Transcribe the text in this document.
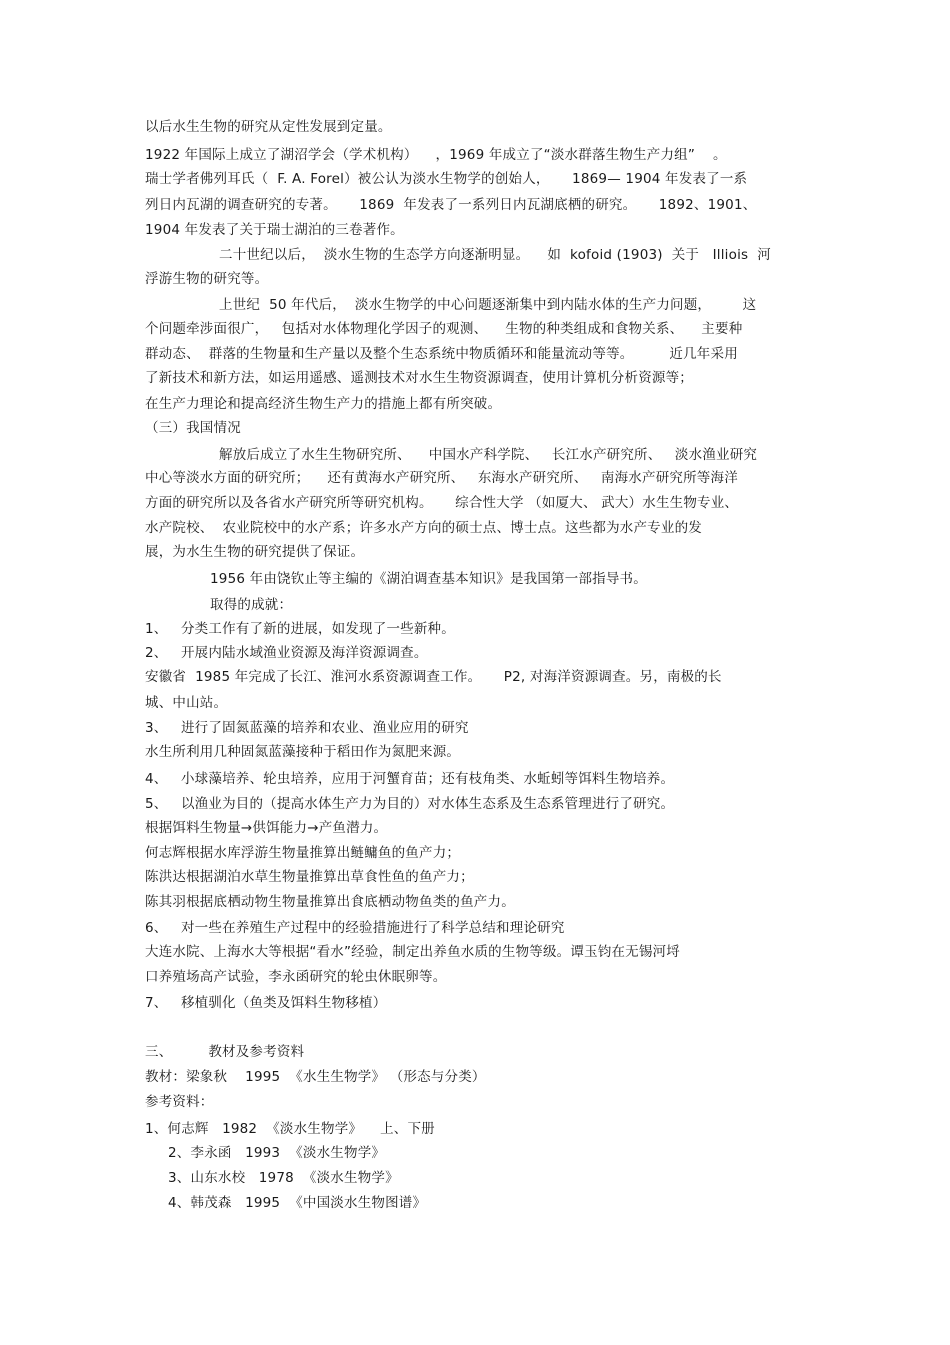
以后水生生物的研究从定性发展到定量。
1922 年国际上成立了湖沼学会（学术机构）    ，1969 年成立了“淡水群落生物生产力组”    。
瑞士学者佛列耳氏（  F. A. Forel）被公认为淡水生物学的创始人，     1869— 1904 年发表了一系
列日内瓦湖的调查研究的专著。     1869  年发表了一系列日内瓦湖底栖的研究。     1892、1901、
1904 年发表了关于瑞士湖泊的三卷著作。
二十世纪以后，  淡水生物的生态学方向逐渐明显。    如  kofoid (1903)  关于   Illiois  河
浮游生物的研究等。
上世纪  50 年代后，  淡水生物学的中心问题逐渐集中到内陆水体的生产力问题，       这
个问题牵涉面很广，   包括对水体物理化学因子的观测、    生物的种类组成和食物关系、    主要种
群动态、  群落的生物量和生产量以及整个生态系统中物质循环和能量流动等等。        近几年采用
了新技术和新方法，如运用遥感、遥测技术对水生生物资源调查，使用计算机分析资源等；
在生产力理论和提高经济生物生产力的措施上都有所突破。
（三）我国情况
解放后成立了水生生物研究所、    中国水产科学院、   长江水产研究所、   淡水渔业研究
中心等淡水方面的研究所；    还有黄海水产研究所、   东海水产研究所、   南海水产研究所等海洋
方面的研究所以及各省水产研究所等研究机构。     综合性大学 （如厦大、 武大）水生生物专业、
水产院校、  农业院校中的水产系；许多水产方向的硕士点、博士点。这些都为水产专业的发
展，为水生生物的研究提供了保证。
1956 年由饶钦止等主编的《湖泊调查基本知识》是我国第一部指导书。
取得的成就：
1、   分类工作有了新的进展，如发现了一些新种。
2、   开展内陆水域渔业资源及海洋资源调查。
安徽省  1985 年完成了长江、淮河水系资源调查工作。     P2, 对海洋资源调查。另，南极的长
城、中山站。
3、   进行了固氮蓝藻的培养和农业、渔业应用的研究
水生所利用几种固氮蓝藻接种于稻田作为氮肥来源。
4、   小球藻培养、轮虫培养，应用于河蟹育苗；还有枝角类、水蚯蚓等饵料生物培养。
5、   以渔业为目的（提高水体生产力为目的）对水体生态系及生态系管理进行了研究。
根据饵料生物量→供饵能力→产鱼潜力。
何志辉根据水库浮游生物量推算出鲢鳙鱼的鱼产力；
陈洪达根据湖泊水草生物量推算出草食性鱼的鱼产力；
陈其羽根据底栖动物生物量推算出食底栖动物鱼类的鱼产力。
6、   对一些在养殖生产过程中的经验措施进行了科学总结和理论研究
大连水院、上海水大等根据“看水”经验，制定出养鱼水质的生物等级。谭玉钧在无锡河埒
口养殖场高产试验，李永函研究的轮虫休眠卵等。
7、   移植驯化（鱼类及饵料生物移植）
三、        教材及参考资料
教材：梁象秋    1995  《水生生物学》 （形态与分类）
参考资料：
1、何志辉   1982  《淡水生物学》    上、下册
2、李永函   1993  《淡水生物学》
3、山东水校   1978  《淡水生物学》
4、韩茂森   1995  《中国淡水生物图谱》
